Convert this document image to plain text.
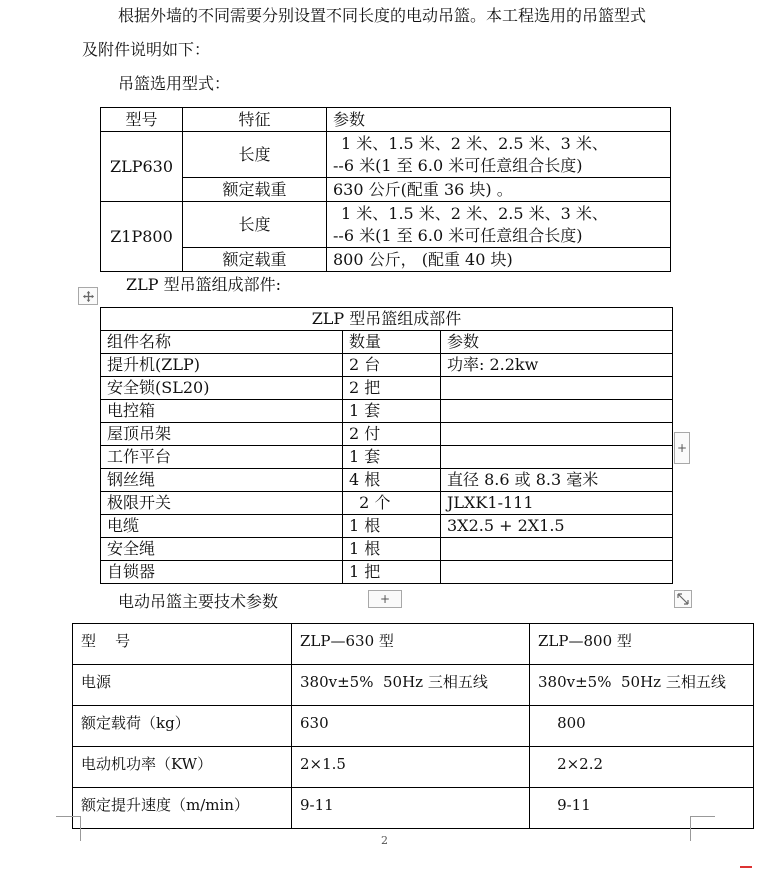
根据外墙的不同需要分别设置不同长度的电动吊篮。本工程选用的吊篮型式
及附件说明如下：
吊篮选用型式：
型号	特征	参数
ZLP630	长度	1 米、1.5 米、2 米、2.5 米、3 米、
--6 米(1 至 6.0 米可任意组合长度)

	额定载重	630 公斤(配重 36 块) 。
Z1P800	长度	1 米、1.5 米、2 米、2.5 米、3 米、
--6 米(1 至 6.0 米可任意组合长度)

	额定载重	800 公斤， (配重 40 块)
ZLP 型吊篮组成部件:
ZLP 型吊篮组成部件		
组件名称	数量	参数
提升机(ZLP)	2 台	功率: 2.2kw
安全锁(SL20)	2 把	
电控箱	1 套	
屋顶吊架	2 付	
工作平台	1 套	
钢丝绳	4 根	直径 8.6 或 8.3 毫米
极限开关	2 个	JLXK1-111
电缆	1 根	3X2.5 + 2X1.5
安全绳	1 根	
自锁器	1 把	
+
电动吊篮主要技术参数	+
型    号	ZLP—630 型	ZLP—800 型
电源	380v±5%  50Hz 三相五线	380v±5%  50Hz 三相五线
额定载荷（kg）	630	800
电动机功率（KW）	2×1.5	2×2.2
额定提升速度（m/min）	9-11	9-11
2
